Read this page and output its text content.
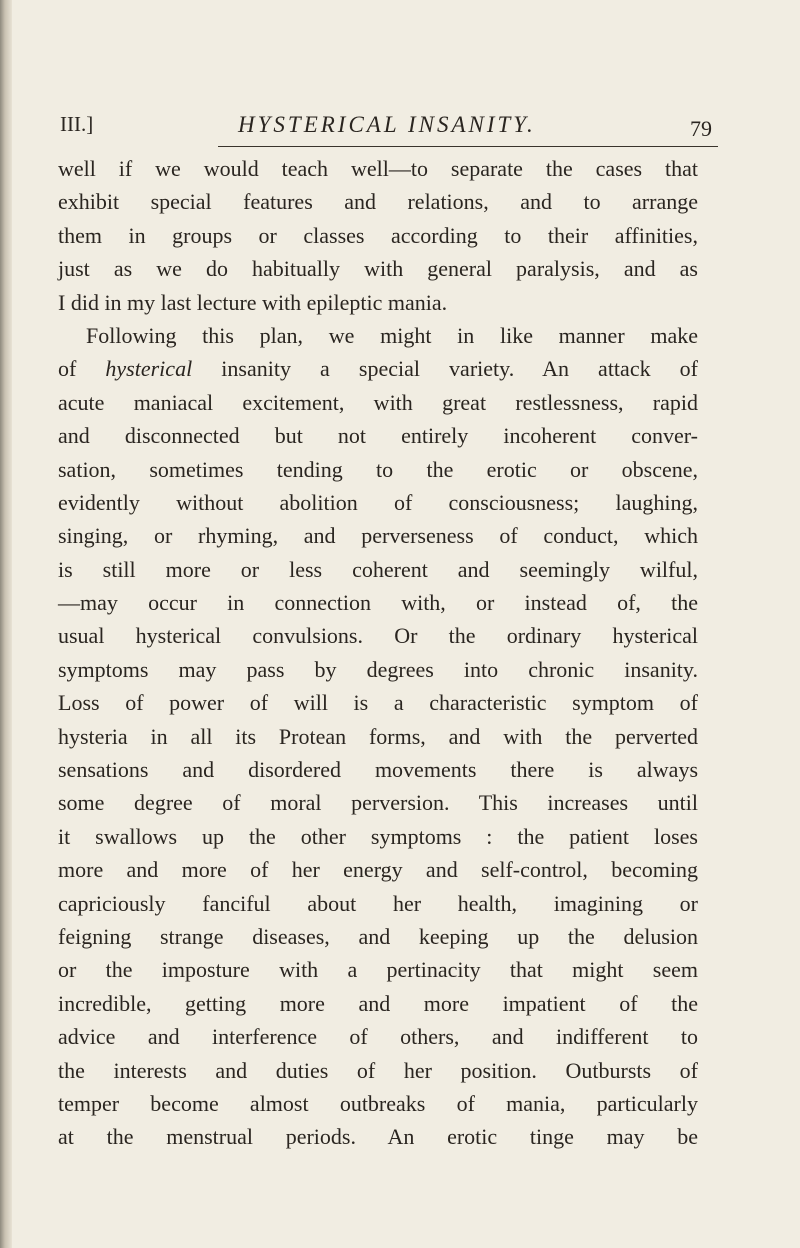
III.]	HYSTERICAL INSANITY.	79
well if we would teach well—to separate the cases that
exhibit special features and relations, and to arrange
them in groups or classes according to their affinities,
just as we do habitually with general paralysis, and as
I did in my last lecture with epileptic mania.
Following this plan, we might in like manner make
of hysterical insanity a special variety. An attack of
acute maniacal excitement, with great restlessness, rapid
and disconnected but not entirely incoherent conver-
sation, sometimes tending to the erotic or obscene,
evidently without abolition of consciousness; laughing,
singing, or rhyming, and perverseness of conduct, which
is still more or less coherent and seemingly wilful,
—may occur in connection with, or instead of, the
usual hysterical convulsions. Or the ordinary hysterical
symptoms may pass by degrees into chronic insanity.
Loss of power of will is a characteristic symptom of
hysteria in all its Protean forms, and with the perverted
sensations and disordered movements there is always
some degree of moral perversion. This increases until
it swallows up the other symptoms : the patient loses
more and more of her energy and self-control, becoming
capriciously fanciful about her health, imagining or
feigning strange diseases, and keeping up the delusion
or the imposture with a pertinacity that might seem
incredible, getting more and more impatient of the
advice and interference of others, and indifferent to
the interests and duties of her position. Outbursts of
temper become almost outbreaks of mania, particularly
at the menstrual periods. An erotic tinge may be
